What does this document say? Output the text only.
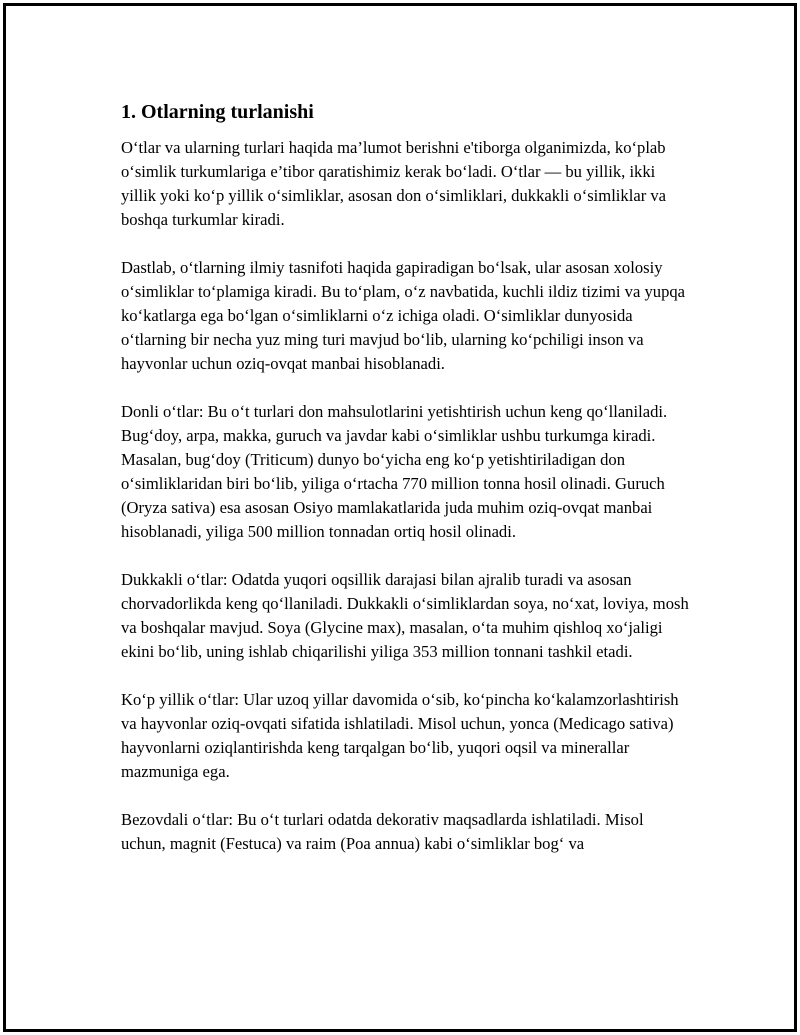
1. Otlarning turlanishi

O‘tlar va ularning turlari haqida ma’lumot berishni e'tiborga olganimizda, ko‘plab o‘simlik turkumlariga e’tibor qaratishimiz kerak bo‘ladi. O‘tlar — bu yillik, ikki yillik yoki ko‘p yillik o‘simliklar, asosan don o‘simliklari, dukkakli o‘simliklar va boshqa turkumlar kiradi.

Dastlab, o‘tlarning ilmiy tasnifoti haqida gapiradigan bo‘lsak, ular asosan xolosiy o‘simliklar to‘plamiga kiradi. Bu to‘plam, o‘z navbatida, kuchli ildiz tizimi va yupqa ko‘katlarga ega bo‘lgan o‘simliklarni o‘z ichiga oladi. O‘simliklar dunyosida o‘tlarning bir necha yuz ming turi mavjud bo‘lib, ularning ko‘pchiligi inson va hayvonlar uchun oziq-ovqat manbai hisoblanadi.

Donli o‘tlar: Bu o‘t turlari don mahsulotlarini yetishtirish uchun keng qo‘llaniladi. Bug‘doy, arpa, makka, guruch va javdar kabi o‘simliklar ushbu turkumga kiradi. Masalan, bug‘doy (Triticum) dunyo bo‘yicha eng ko‘p yetishtiriladigan don o‘simliklaridan biri bo‘lib, yiliga o‘rtacha 770 million tonna hosil olinadi. Guruch (Oryza sativa) esa asosan Osiyo mamlakatlarida juda muhim oziq-ovqat manbai hisoblanadi, yiliga 500 million tonnadan ortiq hosil olinadi.

Dukkakli o‘tlar: Odatda yuqori oqsillik darajasi bilan ajralib turadi va asosan chorvadorlikda keng qo‘llaniladi. Dukkakli o‘simliklardan soya, no‘xat, loviya, mosh va boshqalar mavjud. Soya (Glycine max), masalan, o‘ta muhim qishloq xo‘jaligi ekini bo‘lib, uning ishlab chiqarilishi yiliga 353 million tonnani tashkil etadi.

Ko‘p yillik o‘tlar: Ular uzoq yillar davomida o‘sib, ko‘pincha ko‘kalamzorlashtirish va hayvonlar oziq-ovqati sifatida ishlatiladi. Misol uchun, yonca (Medicago sativa) hayvonlarni oziqlantirishda keng tarqalgan bo‘lib, yuqori oqsil va minerallar mazmuniga ega.

Bezovdali o‘tlar: Bu o‘t turlari odatda dekorativ maqsadlarda ishlatiladi. Misol uchun, magnit (Festuca) va raim (Poa annua) kabi o‘simliklar bog‘ va
